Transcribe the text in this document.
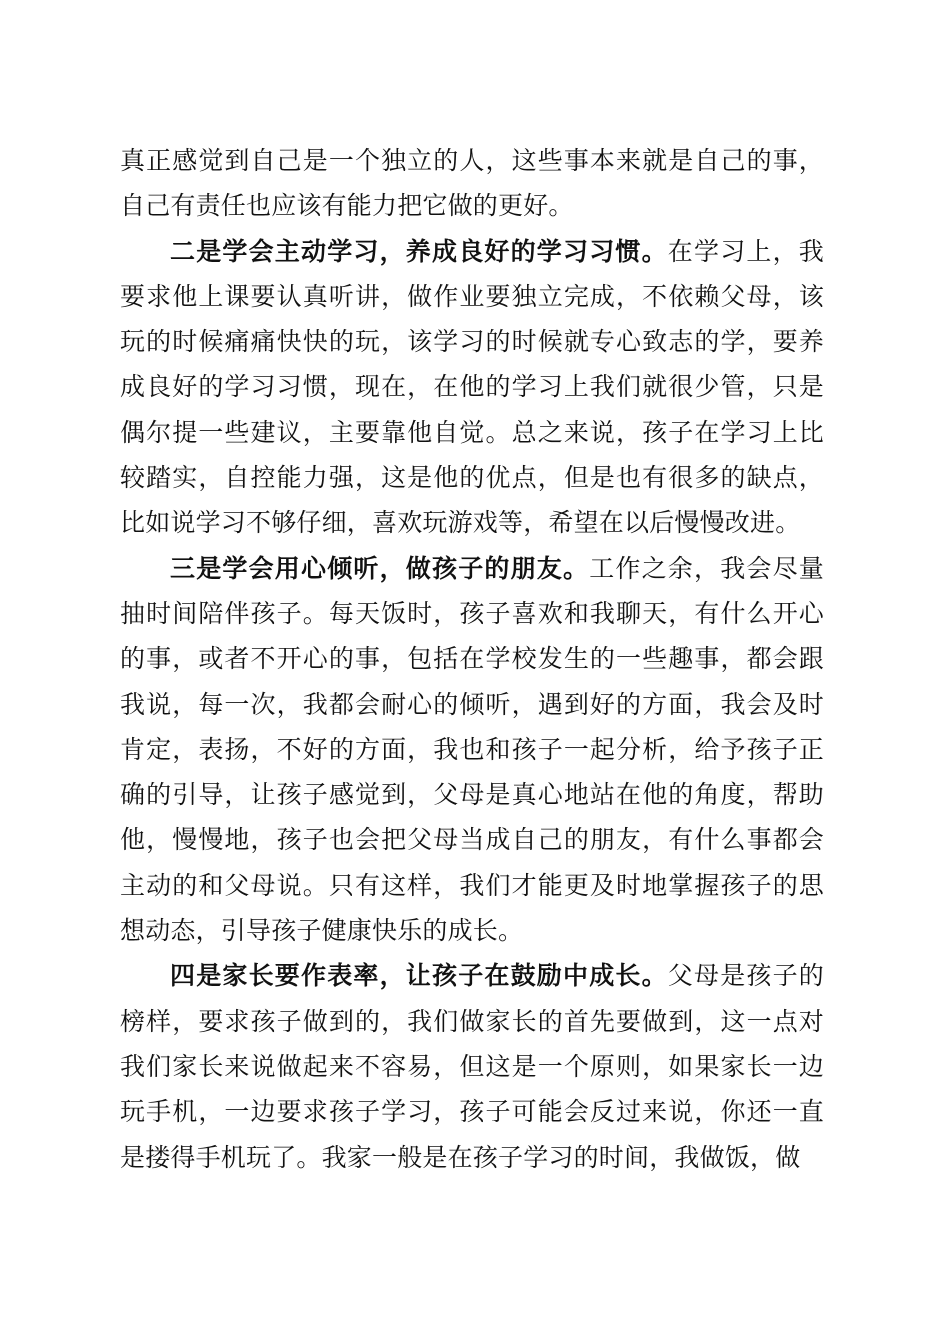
真正感觉到自己是一个独立的人，这些事本来就是自己的事，自己有责任也应该有能力把它做的更好。

二是学会主动学习，养成良好的学习习惯。在学习上，我要求他上课要认真听讲，做作业要独立完成，不依赖父母，该玩的时候痛痛快快的玩，该学习的时候就专心致志的学，要养成良好的学习习惯，现在，在他的学习上我们就很少管，只是偶尔提一些建议，主要靠他自觉。总之来说，孩子在学习上比较踏实，自控能力强，这是他的优点，但是也有很多的缺点，比如说学习不够仔细，喜欢玩游戏等，希望在以后慢慢改进。

三是学会用心倾听，做孩子的朋友。工作之余，我会尽量抽时间陪伴孩子。每天饭时，孩子喜欢和我聊天，有什么开心的事，或者不开心的事，包括在学校发生的一些趣事，都会跟我说，每一次，我都会耐心的倾听，遇到好的方面，我会及时肯定，表扬，不好的方面，我也和孩子一起分析，给予孩子正确的引导，让孩子感觉到，父母是真心地站在他的角度，帮助他，慢慢地，孩子也会把父母当成自己的朋友，有什么事都会主动的和父母说。只有这样，我们才能更及时地掌握孩子的思想动态，引导孩子健康快乐的成长。

四是家长要作表率，让孩子在鼓励中成长。父母是孩子的榜样，要求孩子做到的，我们做家长的首先要做到，这一点对我们家长来说做起来不容易，但这是一个原则，如果家长一边玩手机，一边要求孩子学习，孩子可能会反过来说，你还一直是搂得手机玩了。我家一般是在孩子学习的时间，我做饭，做
